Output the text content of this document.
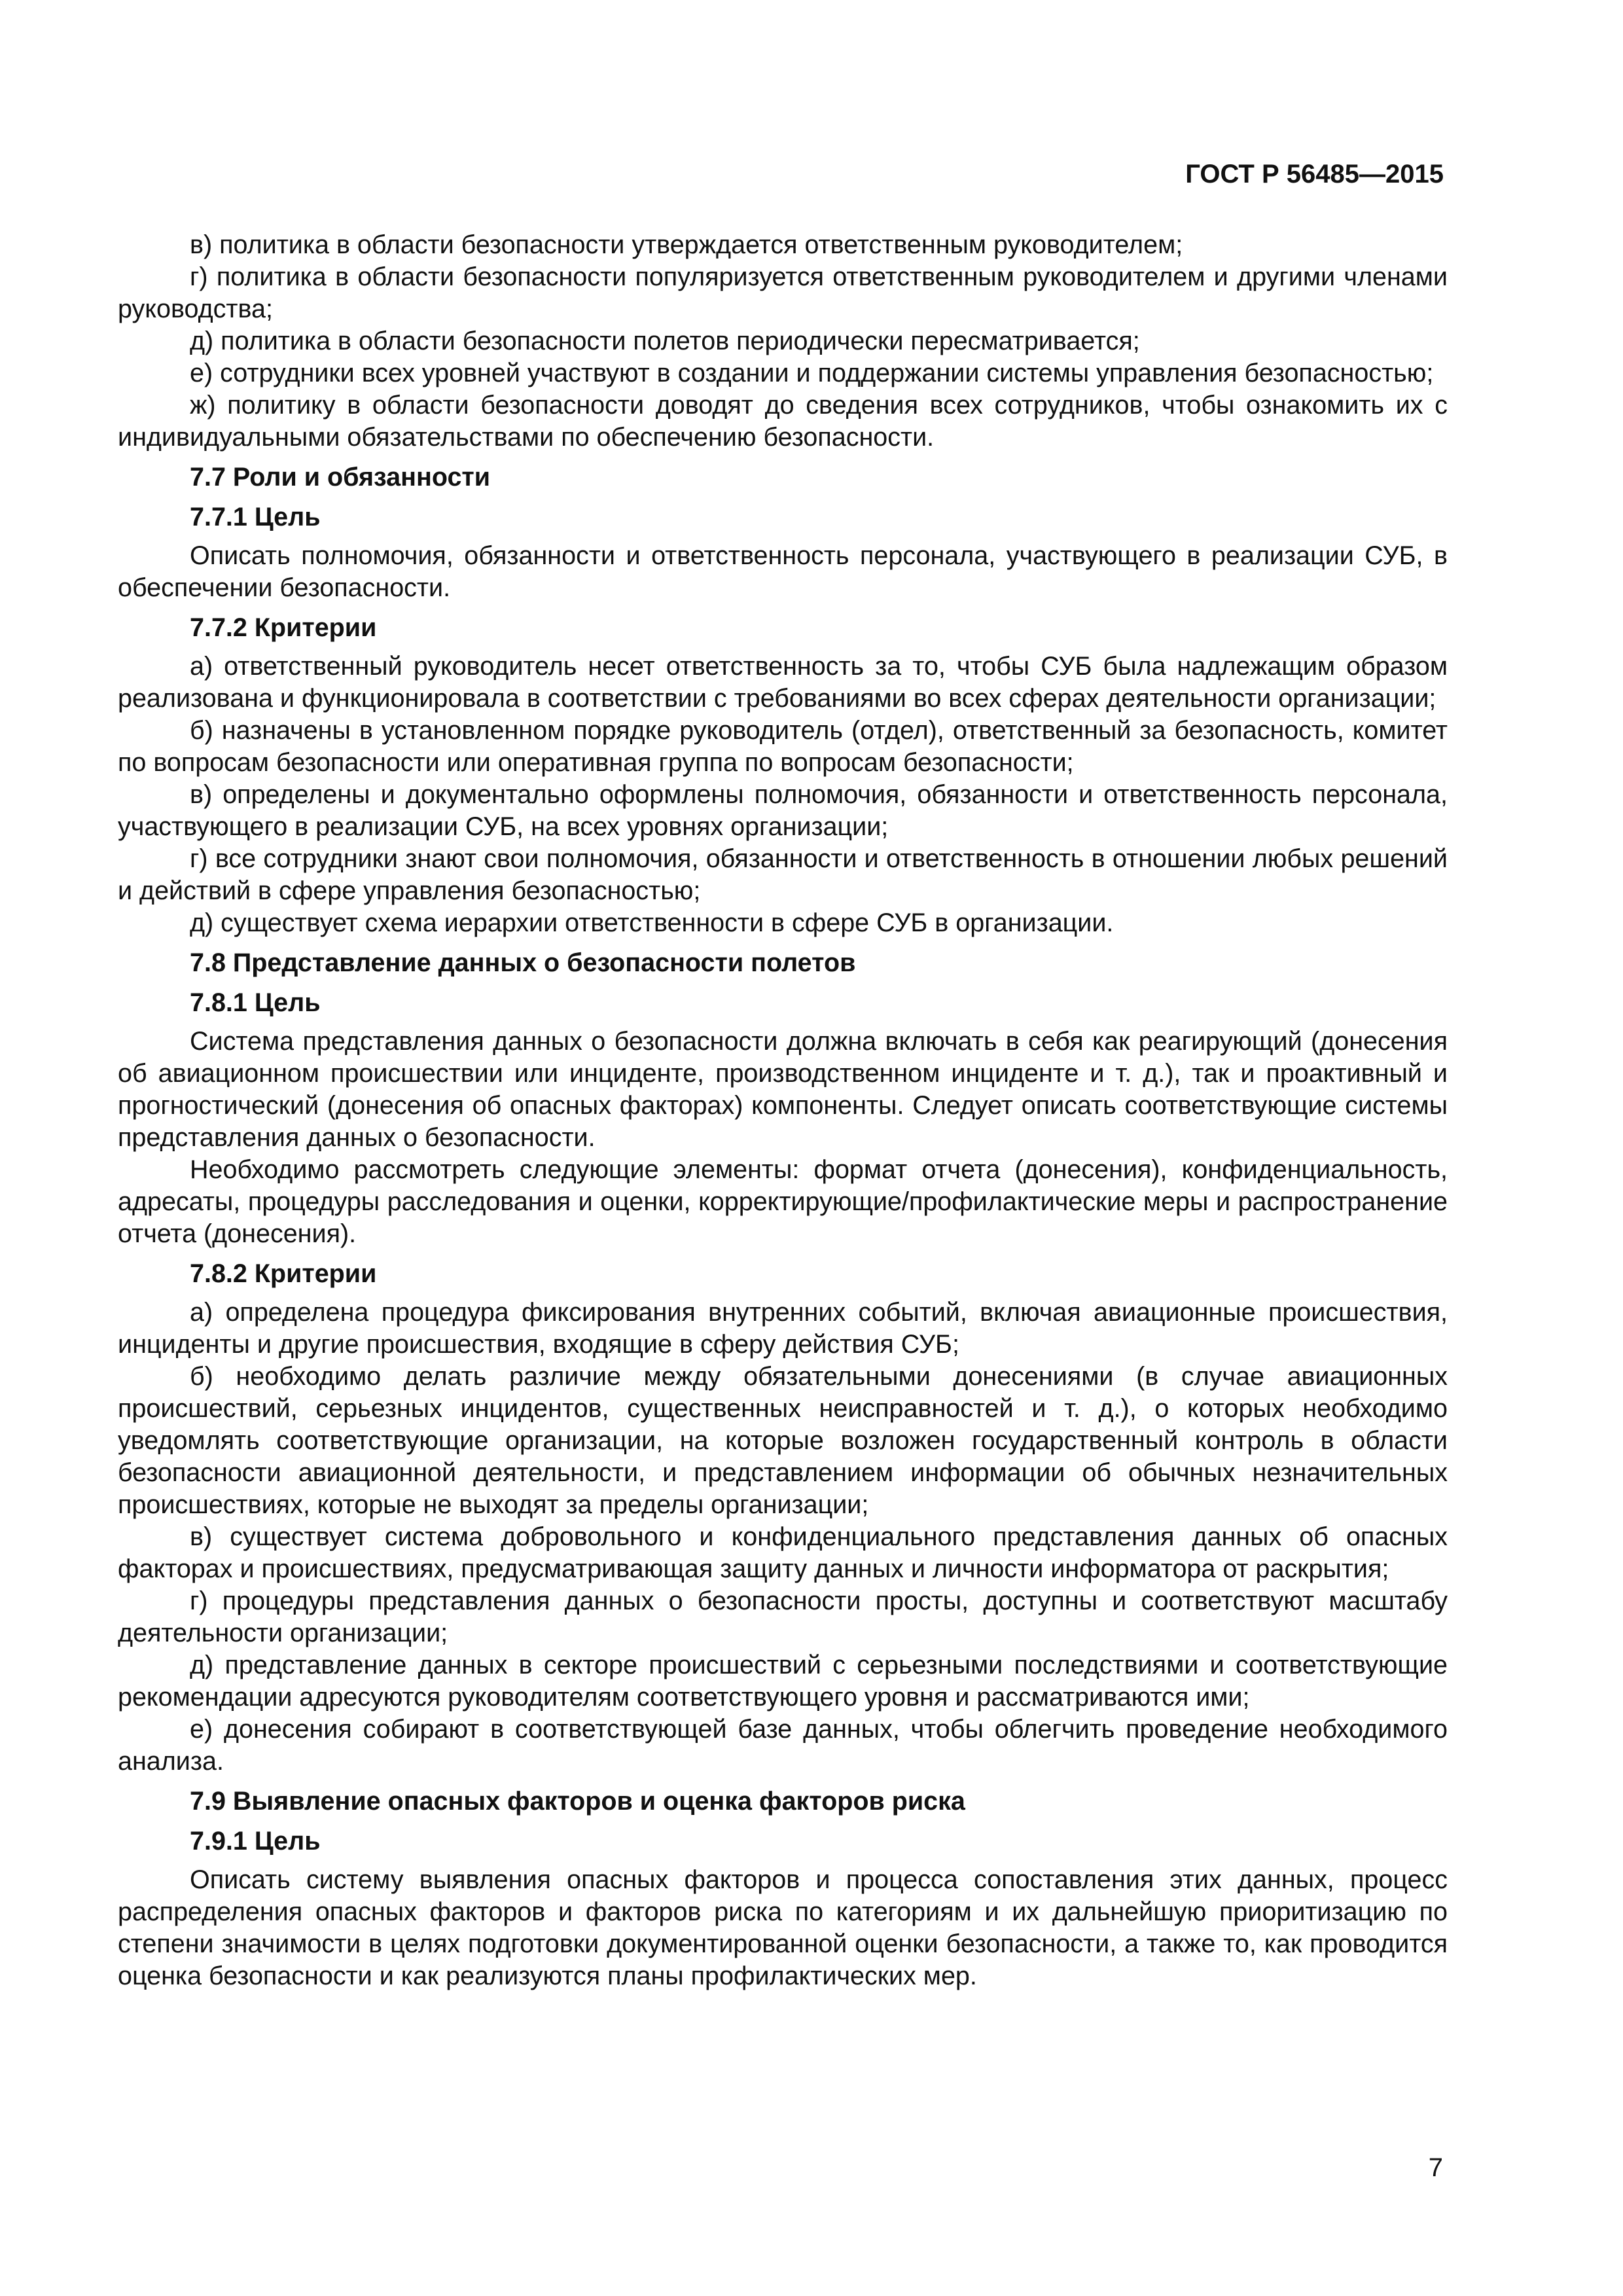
ГОСТ Р 56485—2015

в) политика в области безопасности утверждается ответственным руководителем;

г) политика в области безопасности популяризуется ответственным руководителем и другими членами руководства;

д) политика в области безопасности полетов периодически пересматривается;

е) сотрудники всех уровней участвуют в создании и поддержании системы управления безопасностью;

ж) политику в области безопасности доводят до сведения всех сотрудников, чтобы ознакомить их с индивидуальными обязательствами по обеспечению безопасности.

7.7 Роли и обязанности

7.7.1 Цель

Описать полномочия, обязанности и ответственность персонала, участвующего в реализации СУБ, в обеспечении безопасности.

7.7.2 Критерии

а) ответственный руководитель несет ответственность за то, чтобы СУБ была надлежащим образом реализована и функционировала в соответствии с требованиями во всех сферах деятельности организации;

б) назначены в установленном порядке руководитель (отдел), ответственный за безопасность, комитет по вопросам безопасности или оперативная группа по вопросам безопасности;

в) определены и документально оформлены полномочия, обязанности и ответственность персонала, участвующего в реализации СУБ, на всех уровнях организации;

г) все сотрудники знают свои полномочия, обязанности и ответственность в отношении любых решений и действий в сфере управления безопасностью;

д) существует схема иерархии ответственности в сфере СУБ в организации.

7.8 Представление данных о безопасности полетов

7.8.1 Цель

Система представления данных о безопасности должна включать в себя как реагирующий (донесения об авиационном происшествии или инциденте, производственном инциденте и т. д.), так и проактивный и прогностический (донесения об опасных факторах) компоненты. Следует описать соответствующие системы представления данных о безопасности.

Необходимо рассмотреть следующие элементы: формат отчета (донесения), конфиденциальность, адресаты, процедуры расследования и оценки, корректирующие/профилактические меры и распространение отчета (донесения).

7.8.2 Критерии

а) определена процедура фиксирования внутренних событий, включая авиационные происшествия, инциденты и другие происшествия, входящие в сферу действия СУБ;

б) необходимо делать различие между обязательными донесениями (в случае авиационных происшествий, серьезных инцидентов, существенных неисправностей и т. д.), о которых необходимо уведомлять соответствующие организации, на которые возложен государственный контроль в области безопасности авиационной деятельности, и представлением информации об обычных незначительных происшествиях, которые не выходят за пределы организации;

в) существует система добровольного и конфиденциального представления данных об опасных факторах и происшествиях, предусматривающая защиту данных и личности информатора от раскрытия;

г) процедуры представления данных о безопасности просты, доступны и соответствуют масштабу деятельности организации;

д) представление данных в секторе происшествий с серьезными последствиями и соответствующие рекомендации адресуются руководителям соответствующего уровня и рассматриваются ими;

е) донесения собирают в соответствующей базе данных, чтобы облегчить проведение необходимого анализа.

7.9 Выявление опасных факторов и оценка факторов риска

7.9.1 Цель

Описать систему выявления опасных факторов и процесса сопоставления этих данных, процесс распределения опасных факторов и факторов риска по категориям и их дальнейшую приоритизацию по степени значимости в целях подготовки документированной оценки безопасности, а также то, как проводится оценка безопасности и как реализуются планы профилактических мер.

7
